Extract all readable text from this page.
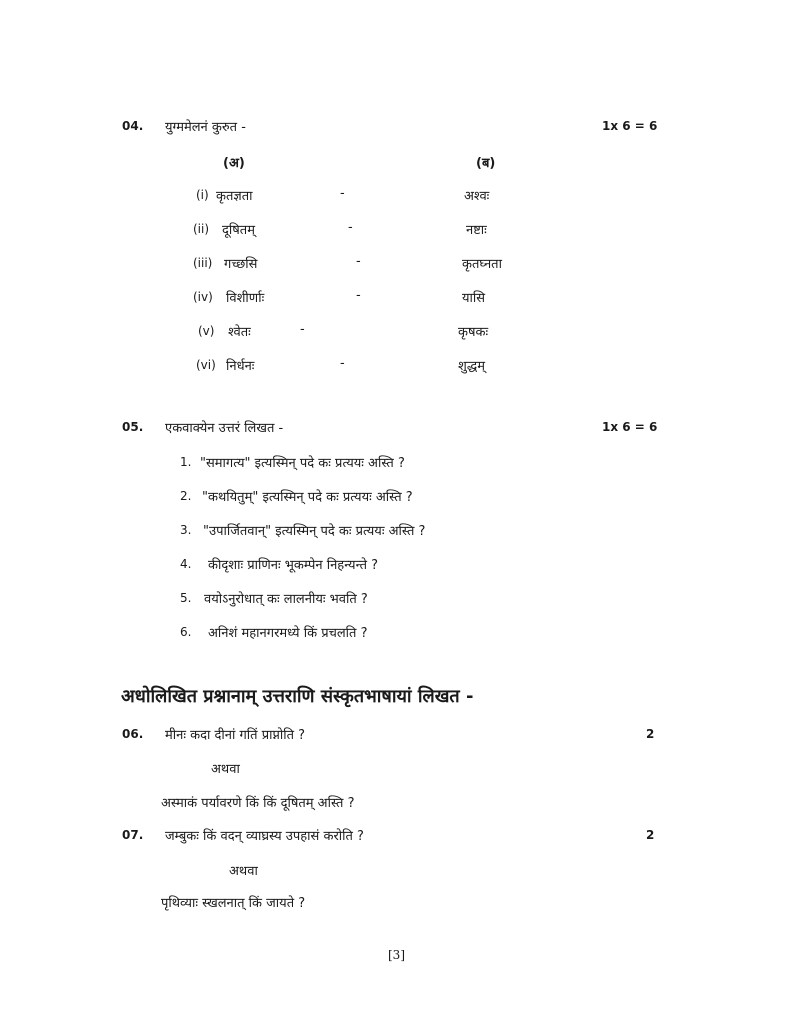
04. युग्ममेलनं कुरुत -	1x 6 = 6
(अ)	(ब)
(i) कृतज्ञता	-	अश्वः
(ii) दूषितम्	-	नष्टाः
(iii) गच्छसि	-	कृतघ्नता
(iv) विशीर्णाः	-	यासि
(v) श्वेतः	-	कृषकः
(vi) निर्धनः	-	शुद्धम्
05. एकवाक्येन उत्तरं लिखत -	1x 6 = 6
1. "समागत्य" इत्यस्मिन् पदे कः प्रत्ययः अस्ति ?
2. "कथयितुम्" इत्यस्मिन् पदे कः प्रत्ययः अस्ति ?
3. "उपार्जितवान्" इत्यस्मिन् पदे कः प्रत्ययः अस्ति ?
4. कीदृशाः प्राणिनः भूकम्पेन निहन्यन्ते ?
5. वयोऽनुरोधात् कः लालनीयः भवति ?
6. अनिशं महानगरमध्ये किं प्रचलति ?
अधोलिखित प्रश्नानाम् उत्तराणि संस्कृतभाषायां लिखत -
06. मीनः कदा दीनां गतिं प्राप्नोति ?	2
अथवा
अस्माकं पर्यावरणे किं किं दूषितम् अस्ति ?
07. जम्बुकः किं वदन् व्याघ्रस्य उपहासं करोति ?	2
अथवा
पृथिव्याः स्खलनात् किं जायते ?
[3]
